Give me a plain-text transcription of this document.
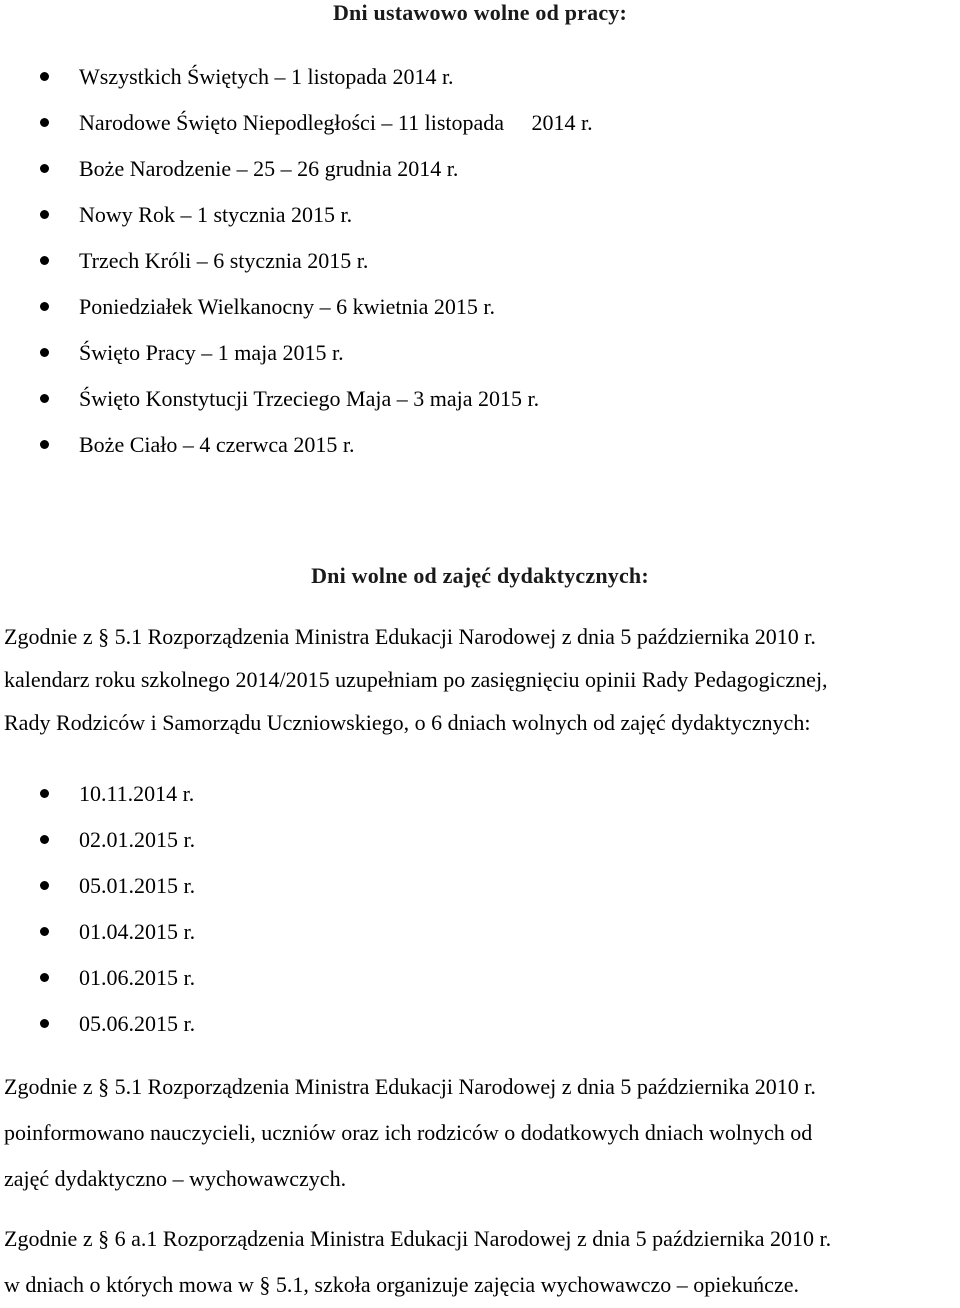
Dni ustawowo wolne od pracy:
Wszystkich Świętych – 1 listopada 2014 r.
Narodowe Święto Niepodległości – 11 listopada     2014 r.
Boże Narodzenie – 25 – 26 grudnia 2014 r.
Nowy Rok – 1 stycznia 2015 r.
Trzech Króli – 6 stycznia 2015 r.
Poniedziałek Wielkanocny – 6 kwietnia 2015 r.
Święto Pracy – 1 maja 2015 r.
Święto Konstytucji Trzeciego Maja – 3 maja 2015 r.
Boże Ciało – 4 czerwca 2015 r.
Dni wolne od zajęć dydaktycznych:
Zgodnie z § 5.1 Rozporządzenia Ministra Edukacji Narodowej z dnia 5 października 2010 r.
kalendarz roku szkolnego 2014/2015 uzupełniam po zasięgnięciu opinii Rady Pedagogicznej,
Rady Rodziców i Samorządu Uczniowskiego, o 6 dniach wolnych od zajęć dydaktycznych:
10.11.2014 r.
02.01.2015 r.
05.01.2015 r.
01.04.2015 r.
01.06.2015 r.
05.06.2015 r.
Zgodnie z § 5.1 Rozporządzenia Ministra Edukacji Narodowej z dnia 5 października 2010 r.
poinformowano nauczycieli, uczniów oraz ich rodziców o dodatkowych dniach wolnych od
zajęć dydaktyczno – wychowawczych.
Zgodnie z § 6 a.1 Rozporządzenia Ministra Edukacji Narodowej z dnia 5 października 2010 r.
w dniach o których mowa w § 5.1, szkoła organizuje zajęcia wychowawczo – opiekuńcze.
